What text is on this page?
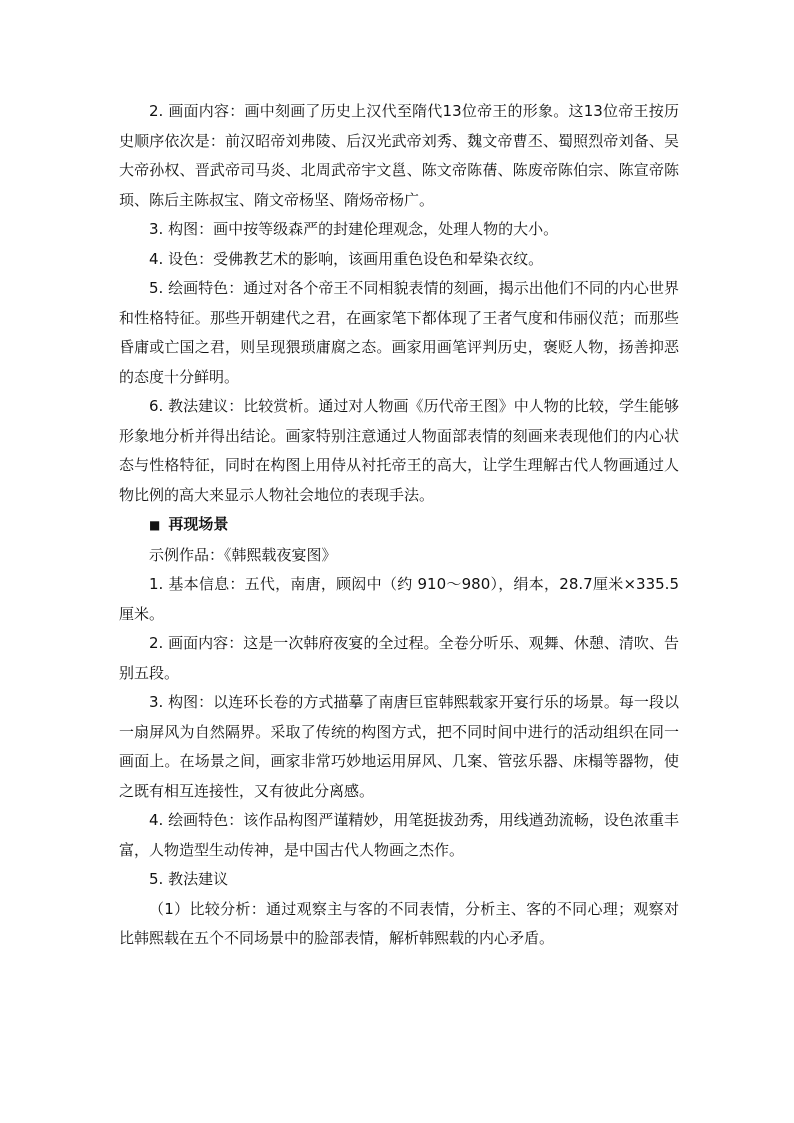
2. 画面内容：画中刻画了历史上汉代至隋代13位帝王的形象。这13位帝王按历史顺序依次是：前汉昭帝刘弗陵、后汉光武帝刘秀、魏文帝曹丕、蜀照烈帝刘备、吴大帝孙权、晋武帝司马炎、北周武帝宇文邕、陈文帝陈蒨、陈废帝陈伯宗、陈宣帝陈顼、陈后主陈叔宝、隋文帝杨坚、隋炀帝杨广。

3. 构图：画中按等级森严的封建伦理观念，处理人物的大小。

4. 设色：受佛教艺术的影响，该画用重色设色和晕染衣纹。

5. 绘画特色：通过对各个帝王不同相貌表情的刻画，揭示出他们不同的内心世界和性格特征。那些开朝建代之君，在画家笔下都体现了王者气度和伟丽仪范；而那些昏庸或亡国之君，则呈现猥琐庸腐之态。画家用画笔评判历史，褒贬人物，扬善抑恶的态度十分鲜明。

6. 教法建议：比较赏析。通过对人物画《历代帝王图》中人物的比较，学生能够形象地分析并得出结论。画家特别注意通过人物面部表情的刻画来表现他们的内心状态与性格特征，同时在构图上用侍从衬托帝王的高大，让学生理解古代人物画通过人物比例的高大来显示人物社会地位的表现手法。

■ 再现场景

示例作品：《韩熙载夜宴图》

1. 基本信息：五代，南唐，顾闳中（约 910～980），绢本，28.7厘米×335.5 厘米。

2. 画面内容：这是一次韩府夜宴的全过程。全卷分听乐、观舞、休憩、清吹、告别五段。

3. 构图：以连环长卷的方式描摹了南唐巨宦韩熙载家开宴行乐的场景。每一段以一扇屏风为自然隔界。采取了传统的构图方式，把不同时间中进行的活动组织在同一画面上。在场景之间，画家非常巧妙地运用屏风、几案、管弦乐器、床榻等器物，使之既有相互连接性，又有彼此分离感。

4. 绘画特色：该作品构图严谨精妙，用笔挺拔劲秀，用线遒劲流畅，设色浓重丰富，人物造型生动传神，是中国古代人物画之杰作。

5. 教法建议

（1）比较分析：通过观察主与客的不同表情，分析主、客的不同心理；观察对比韩熙载在五个不同场景中的脸部表情，解析韩熙载的内心矛盾。
